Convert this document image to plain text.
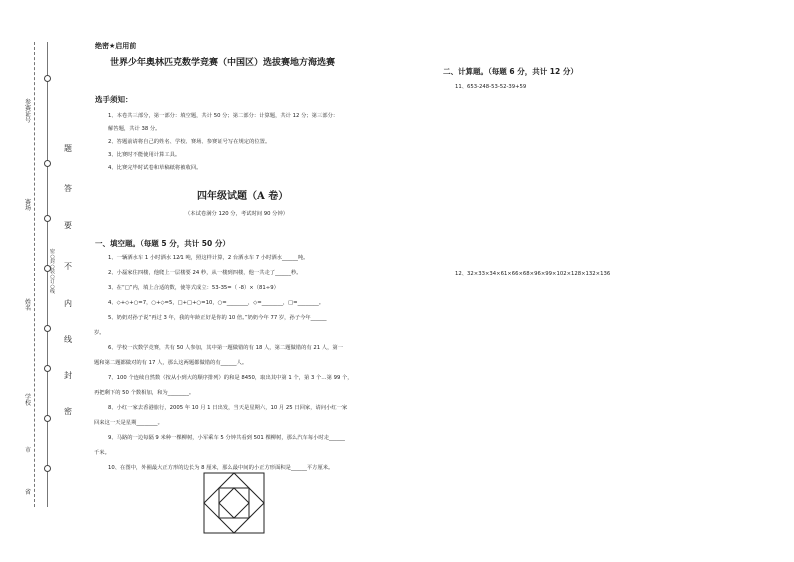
参赛证号
赛场
姓名
学校
市
省
密○封○装○订○线
密
封
线
内
不
要
答
题
绝密★启用前
世界少年奥林匹克数学竞赛（中国区）选拔赛地方海选赛
选手须知：
1、本卷共三部分，第一部分：填空题，共计 50 分；第二部分：计算题，共计 12 分；第三部分：
解答题，共计 38 分。
2、答题前请将自己的姓名、学校、赛场、参赛证号写在规定的位置。
3、比赛时不能使用计算工具。
4、比赛完毕时试卷和草稿纸将被收回。
四年级试题（A 卷）
（本试卷满分 120 分，考试时间 90 分钟）
一、填空题。（每题 5 分，共计 50 分）
1、一辆洒水车 1 小时洒水 12⁄1 吨，照这样计算，2 台洒水车 7 小时洒水______吨。
2、小磊家住四楼，他爬上一层楼要 24 秒，从一楼到四楼，他一共走了______秒。
3、在“□”内，填上合适的数，使等式成立：53-35=（ -8）×（81÷9）
4、◇+◇+○=7，○+◇=5，□+□+○=10，○=________，◇=________，□=________。
5、奶奶对孙子说“再过 3 年，我的年龄正好是你的 10 倍。”奶奶今年 77 岁，孙子今年______
岁。
6、学校一次数学竞赛，共有 50 人参加，其中第一题做错的有 18 人，第二题做错的有 21 人，第一
题和第二题都做对的有 17 人，那么这两题都做错的有______人。
7、100 个连续自然数（按从小到大的顺序排列）的和是 8450，取出其中第 1 个，第 3 个…第 99 个，
再把剩下的 50 个数相加，和为________。
8、小红一家去香港旅行，2005 年 10 月 1 日出发，当天是星期六，10 月 25 日回家，请问小红一家
回来这一天是星期________。
9、马路的一边每隔 9 米种一棵柳树，小军乘车 5 分钟共看到 501 棵柳树，那么汽车每小时走______
千米。
10、在图中，外圈最大正方形的边长为 8 厘米，那么最中间的小正方形面积是______平方厘米。
二、计算题。（每题 6 分，共计 12 分）
11、653-248-53-52-39+59
12、32×33×34×61×66×68×96×99×102×128×132×136
